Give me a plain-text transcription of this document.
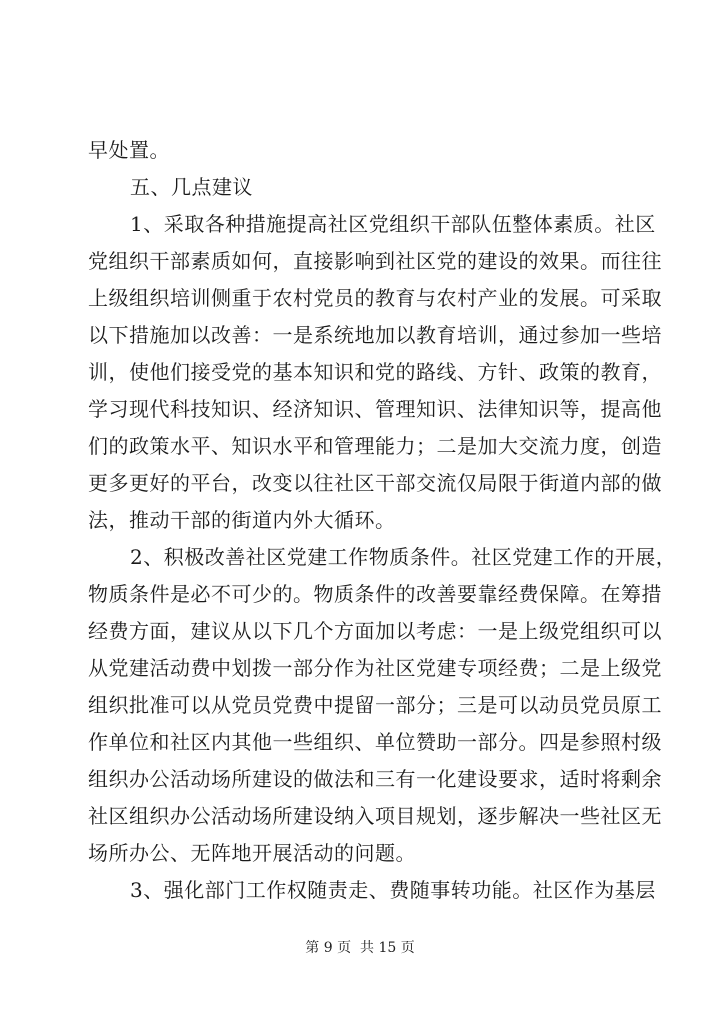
早处置。
五、几点建议
1、采取各种措施提高社区党组织干部队伍整体素质。社区
党组织干部素质如何，直接影响到社区党的建设的效果。而往往
上级组织培训侧重于农村党员的教育与农村产业的发展。可采取
以下措施加以改善：一是系统地加以教育培训，通过参加一些培
训，使他们接受党的基本知识和党的路线、方针、政策的教育，
学习现代科技知识、经济知识、管理知识、法律知识等，提高他
们的政策水平、知识水平和管理能力；二是加大交流力度，创造
更多更好的平台，改变以往社区干部交流仅局限于街道内部的做
法，推动干部的街道内外大循环。
2、积极改善社区党建工作物质条件。社区党建工作的开展，
物质条件是必不可少的。物质条件的改善要靠经费保障。在筹措
经费方面，建议从以下几个方面加以考虑：一是上级党组织可以
从党建活动费中划拨一部分作为社区党建专项经费；二是上级党
组织批准可以从党员党费中提留一部分；三是可以动员党员原工
作单位和社区内其他一些组织、单位赞助一部分。四是参照村级
组织办公活动场所建设的做法和三有一化建设要求，适时将剩余
社区组织办公活动场所建设纳入项目规划，逐步解决一些社区无
场所办公、无阵地开展活动的问题。
3、强化部门工作权随责走、费随事转功能。社区作为基层
第 9 页  共 15 页
